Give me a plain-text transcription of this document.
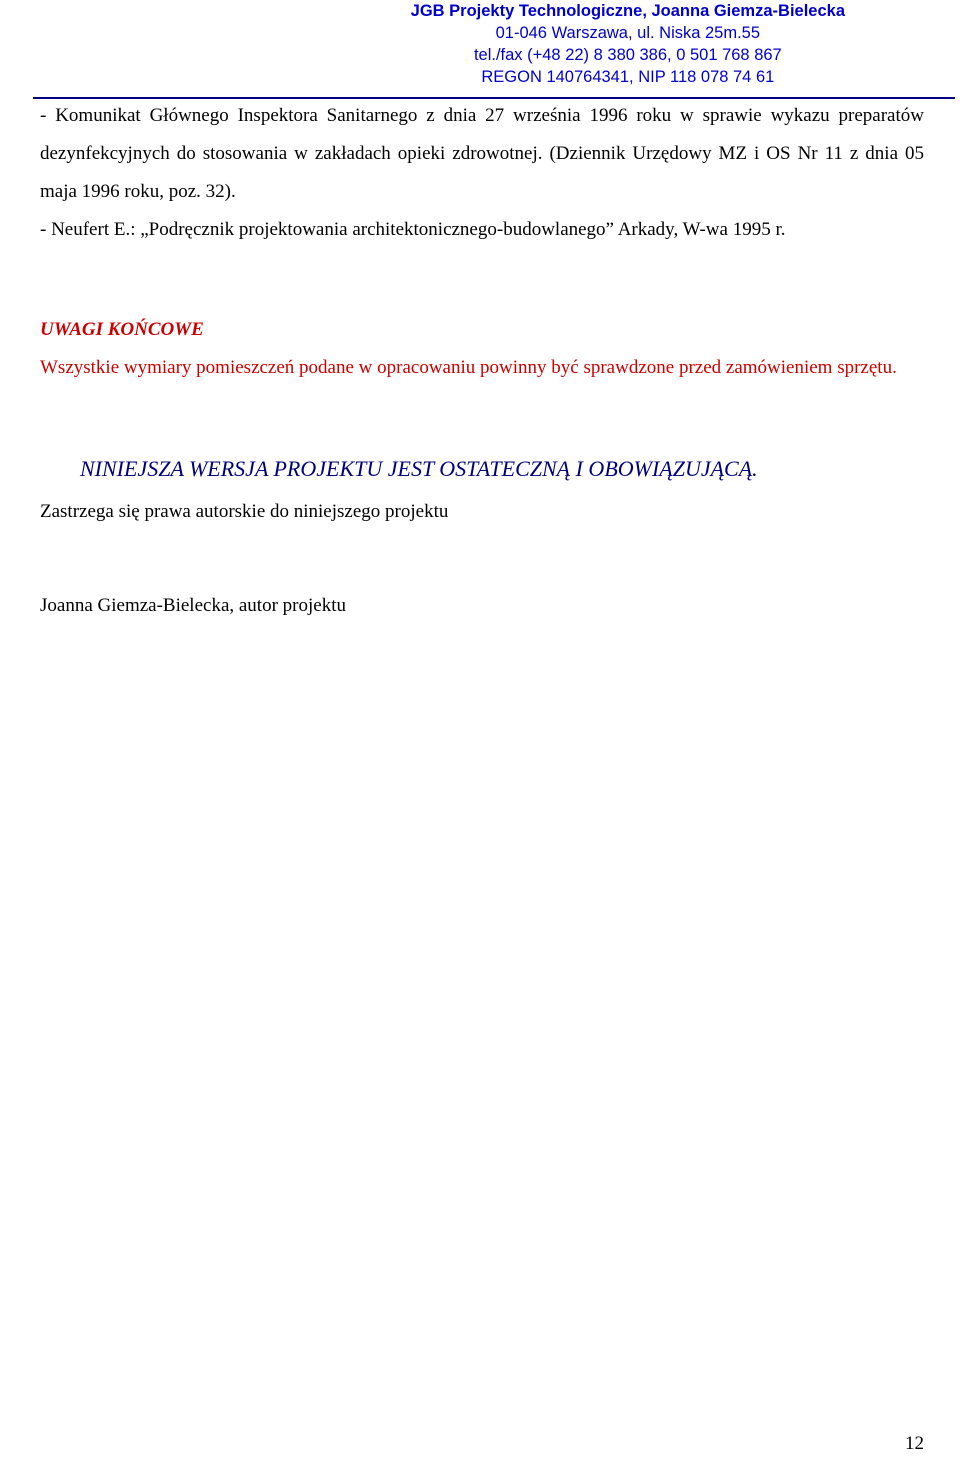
JGB Projekty Technologiczne, Joanna Giemza-Bielecka
01-046 Warszawa, ul. Niska 25m.55
tel./fax (+48 22) 8 380 386, 0 501 768 867
REGON 140764341, NIP 118 078 74 61
- Komunikat Głównego Inspektora Sanitarnego z dnia 27 września 1996 roku w sprawie wykazu preparatów dezynfekcyjnych do stosowania w zakładach opieki zdrowotnej. (Dziennik Urzędowy MZ i OS Nr 11 z dnia 05 maja 1996 roku, poz. 32).
- Neufert E.: „Podręcznik projektowania architektonicznego-budowlanego” Arkady, W-wa 1995 r.
UWAGI KOŃCOWE
Wszystkie wymiary pomieszczeń podane w opracowaniu powinny być sprawdzone przed zamówieniem sprzętu.
NINIEJSZA WERSJA PROJEKTU JEST OSTATECZNĄ I OBOWIĄZUJĄCĄ.
Zastrzega się prawa autorskie do niniejszego projektu
Joanna Giemza-Bielecka, autor projektu
12
